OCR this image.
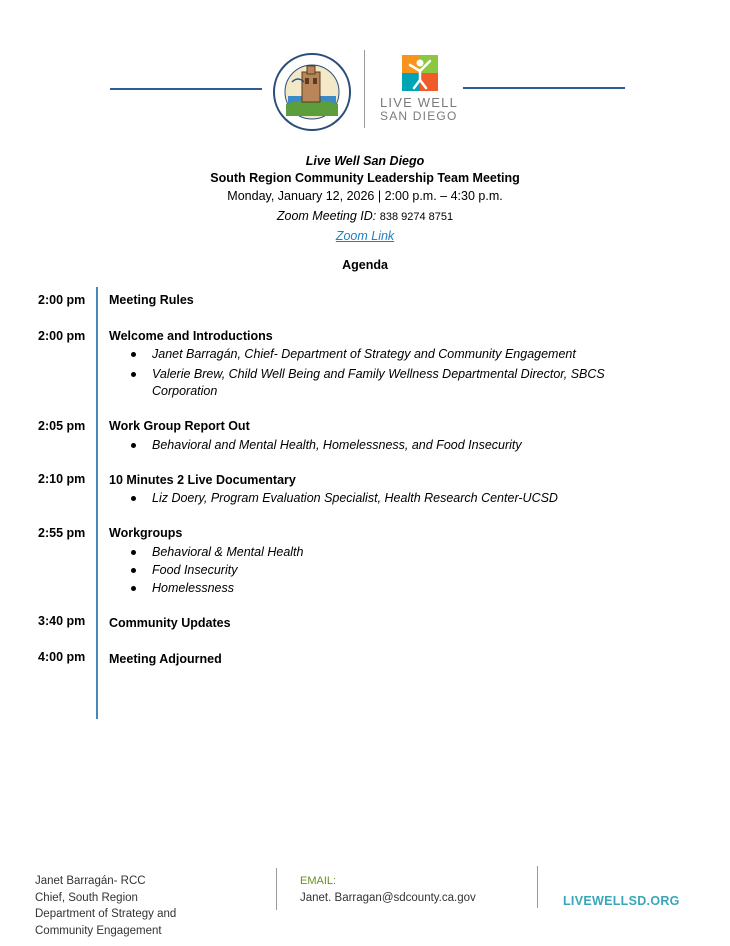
LIVE WELL
SAN DIEGO
Live Well San Diego
South Region Community Leadership Team Meeting
Monday, January 12, 2026 | 2:00 p.m. – 4:30 p.m.
Zoom Meeting ID: 838 9274 8751
Zoom Link
Agenda
2:00 pm	Meeting Rules
2:00 pm	Welcome and Introductions
Janet Barragán, Chief- Department of Strategy and Community Engagement
Valerie Brew, Child Well Being and Family Wellness Departmental Director, SBCS Corporation
2:05 pm	Work Group Report Out
Behavioral and Mental Health, Homelessness, and Food Insecurity
2:10 pm	10 Minutes 2 Live Documentary
Liz Doery, Program Evaluation Specialist, Health Research Center-UCSD
2:55 pm	Workgroups
Behavioral & Mental Health
Food Insecurity
Homelessness
3:40 pm	Community Updates
4:00 pm	Meeting Adjourned
Janet Barragán- RCC
Chief, South Region
Department of Strategy and
Community Engagement
EMAIL:
Janet. Barragan@sdcounty.ca.gov	LIVEWELLSD.ORG
